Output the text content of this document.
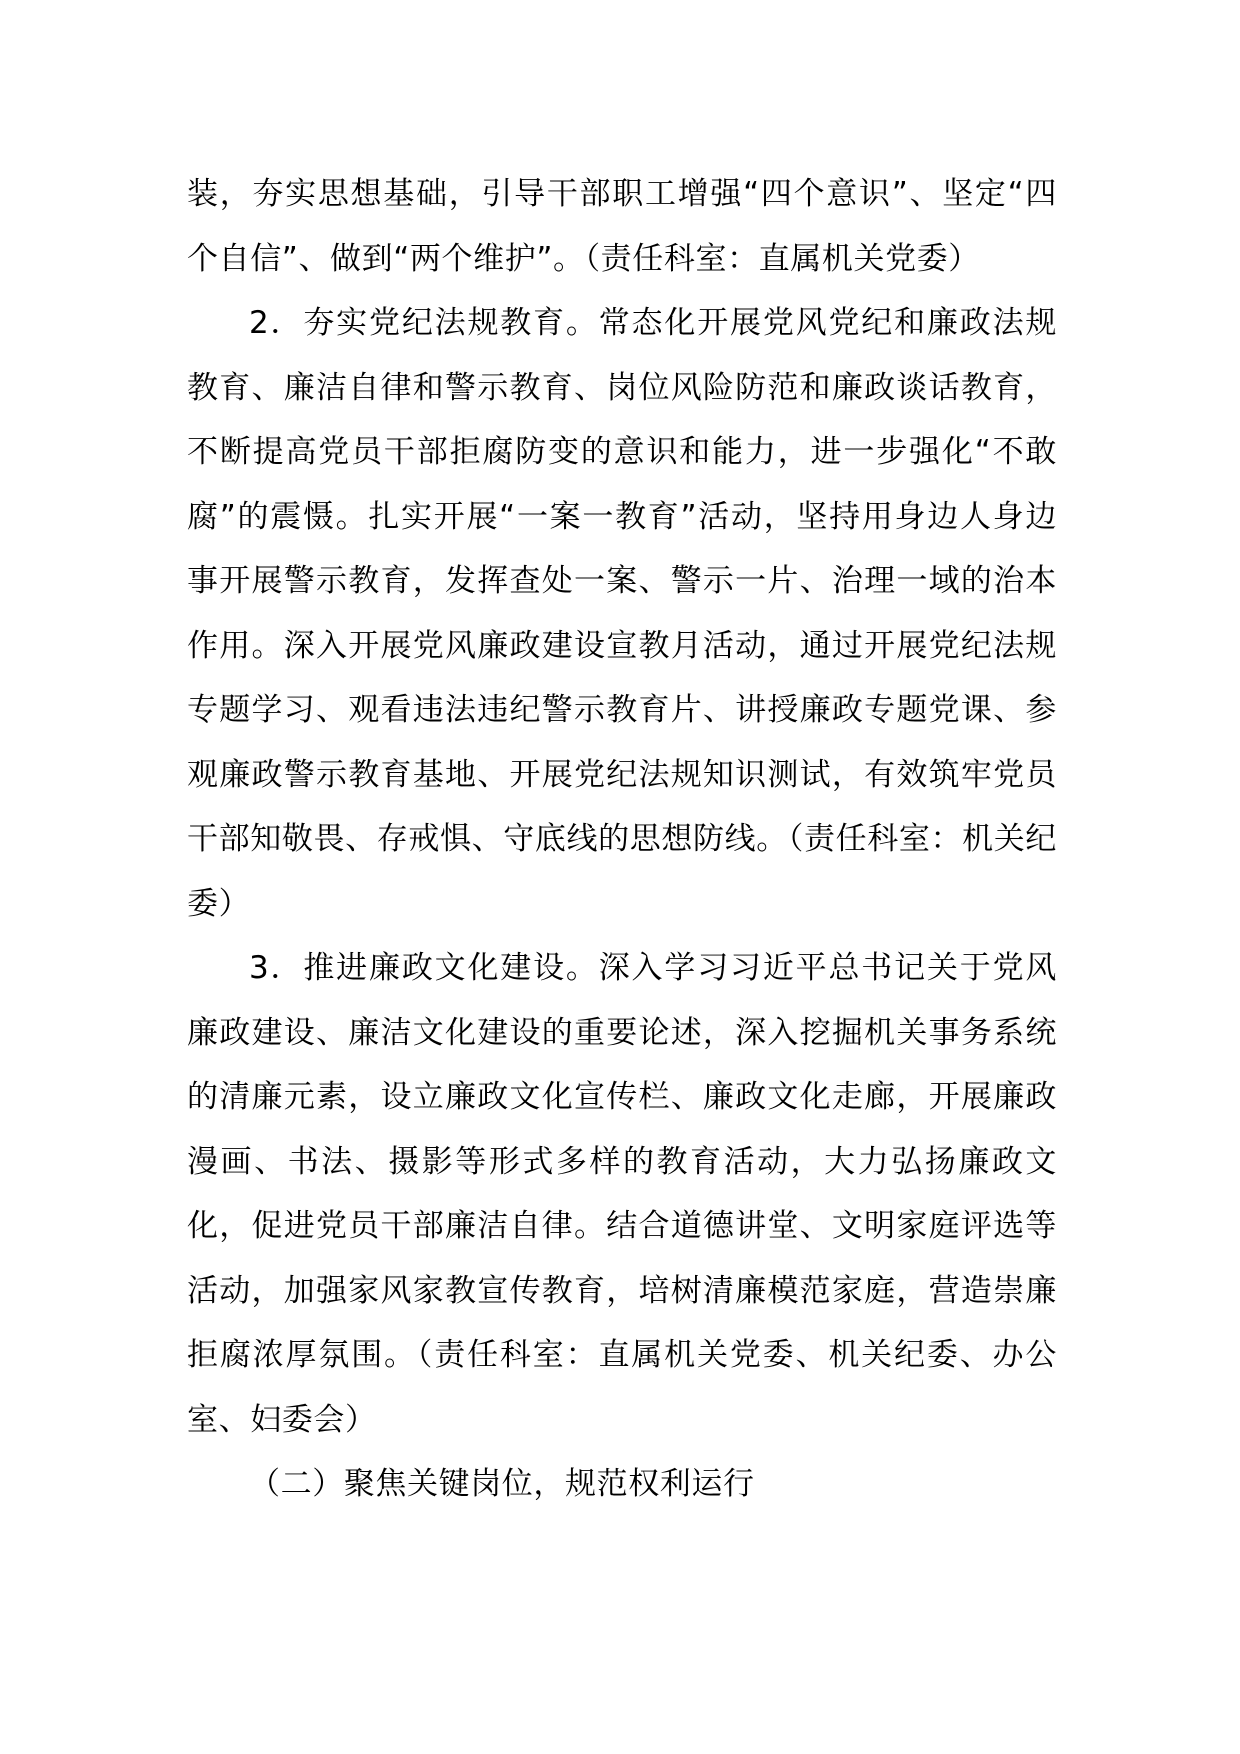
装，夯实思想基础，引导干部职工增强“四个意识”、坚定“四个自信”、做到“两个维护”。（责任科室：直属机关党委）

2．夯实党纪法规教育。常态化开展党风党纪和廉政法规教育、廉洁自律和警示教育、岗位风险防范和廉政谈话教育，不断提高党员干部拒腐防变的意识和能力，进一步强化“不敢腐”的震慑。扎实开展“一案一教育”活动，坚持用身边人身边事开展警示教育，发挥查处一案、警示一片、治理一域的治本作用。深入开展党风廉政建设宣教月活动，通过开展党纪法规专题学习、观看违法违纪警示教育片、讲授廉政专题党课、参观廉政警示教育基地、开展党纪法规知识测试，有效筑牢党员干部知敬畏、存戒惧、守底线的思想防线。（责任科室：机关纪委）

3．推进廉政文化建设。深入学习习近平总书记关于党风廉政建设、廉洁文化建设的重要论述，深入挖掘机关事务系统的清廉元素，设立廉政文化宣传栏、廉政文化走廊，开展廉政漫画、书法、摄影等形式多样的教育活动，大力弘扬廉政文化，促进党员干部廉洁自律。结合道德讲堂、文明家庭评选等活动，加强家风家教宣传教育，培树清廉模范家庭，营造崇廉拒腐浓厚氛围。（责任科室：直属机关党委、机关纪委、办公室、妇委会）

（二）聚焦关键岗位，规范权利运行
